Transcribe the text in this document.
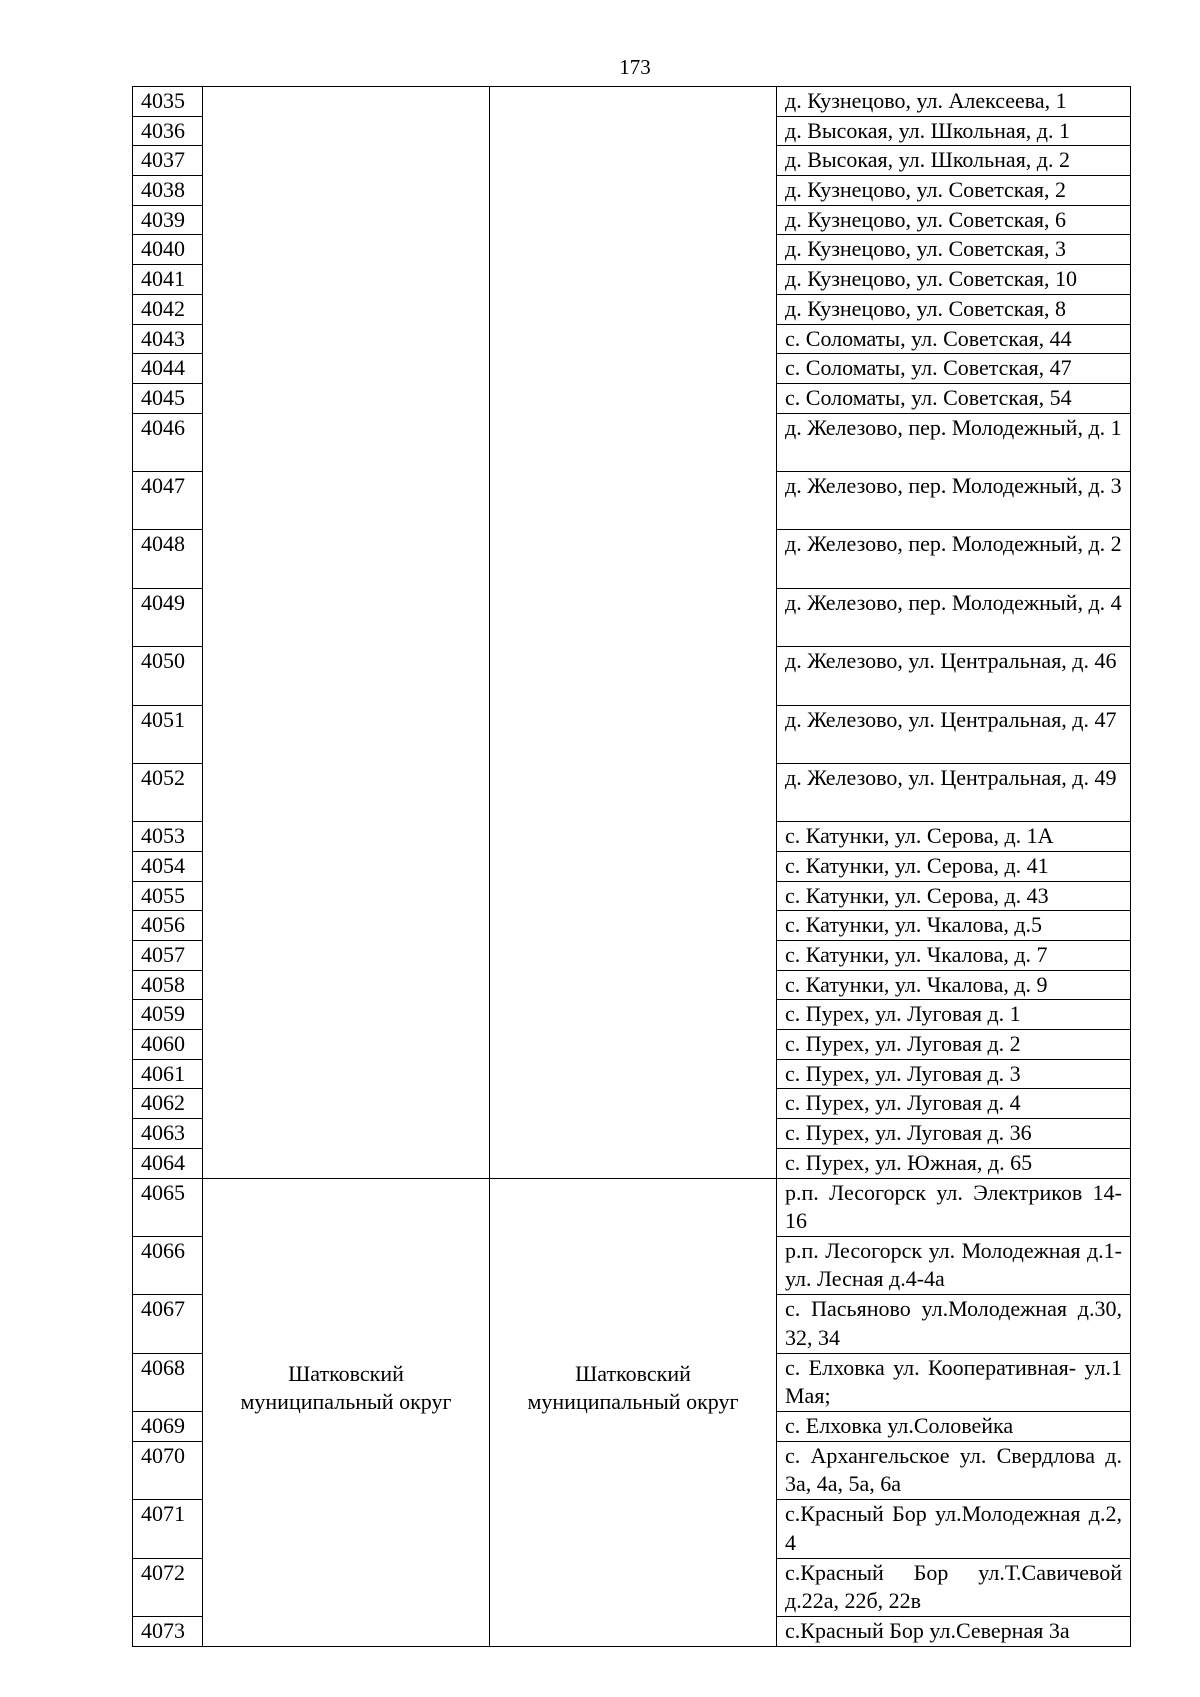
173
4035			д. Кузнецово, ул. Алексеева, 1
4036			д. Высокая, ул. Школьная, д. 1
4037			д. Высокая, ул. Школьная, д. 2
4038			д. Кузнецово, ул. Советская, 2
4039			д. Кузнецово, ул. Советская, 6
4040			д. Кузнецово, ул. Советская, 3
4041			д. Кузнецово, ул. Советская, 10
4042			д. Кузнецово, ул. Советская, 8
4043			с. Соломаты, ул. Советская, 44
4044			с. Соломаты, ул. Советская, 47
4045			с. Соломаты, ул. Советская, 54
4046			д. Железово, пер. Молодежный, д. 1
4047			д. Железово, пер. Молодежный, д. 3
4048			д. Железово, пер. Молодежный, д. 2
4049			д. Железово, пер. Молодежный, д. 4
4050			д. Железово, ул. Центральная, д. 46
4051			д. Железово, ул. Центральная, д. 47
4052			д. Железово, ул. Центральная, д. 49
4053			с. Катунки, ул. Серова, д. 1А
4054			с. Катунки, ул. Серова, д. 41
4055			с. Катунки, ул. Серова, д. 43
4056			с. Катунки, ул. Чкалова, д.5
4057			с. Катунки, ул. Чкалова, д. 7
4058			с. Катунки, ул. Чкалова, д. 9
4059			с. Пурех, ул. Луговая д. 1
4060			с. Пурех, ул. Луговая д. 2
4061			с. Пурех, ул. Луговая д. 3
4062			с. Пурех, ул. Луговая д. 4
4063			с. Пурех, ул. Луговая д. 36
4064			с. Пурех, ул. Южная, д. 65
4065	Шатковский муниципальный округ	Шатковский муниципальный округ	р.п. Лесогорск ул. Электриков 14-16
4066			р.п. Лесогорск ул. Молодежная д.1- ул. Лесная д.4-4а
4067			с. Пасьяново ул.Молодежная д.30, 32, 34
4068			с. Елховка ул. Кооперативная- ул.1 Мая;
4069			с. Елховка ул.Соловейка
4070			с. Архангельское ул. Свердлова д. 3а, 4а, 5а, 6а
4071			с.Красный Бор ул.Молодежная д.2, 4
4072			с.Красный Бор ул.Т.Савичевой д.22а, 22б, 22в
4073			с.Красный Бор ул.Северная 3а
